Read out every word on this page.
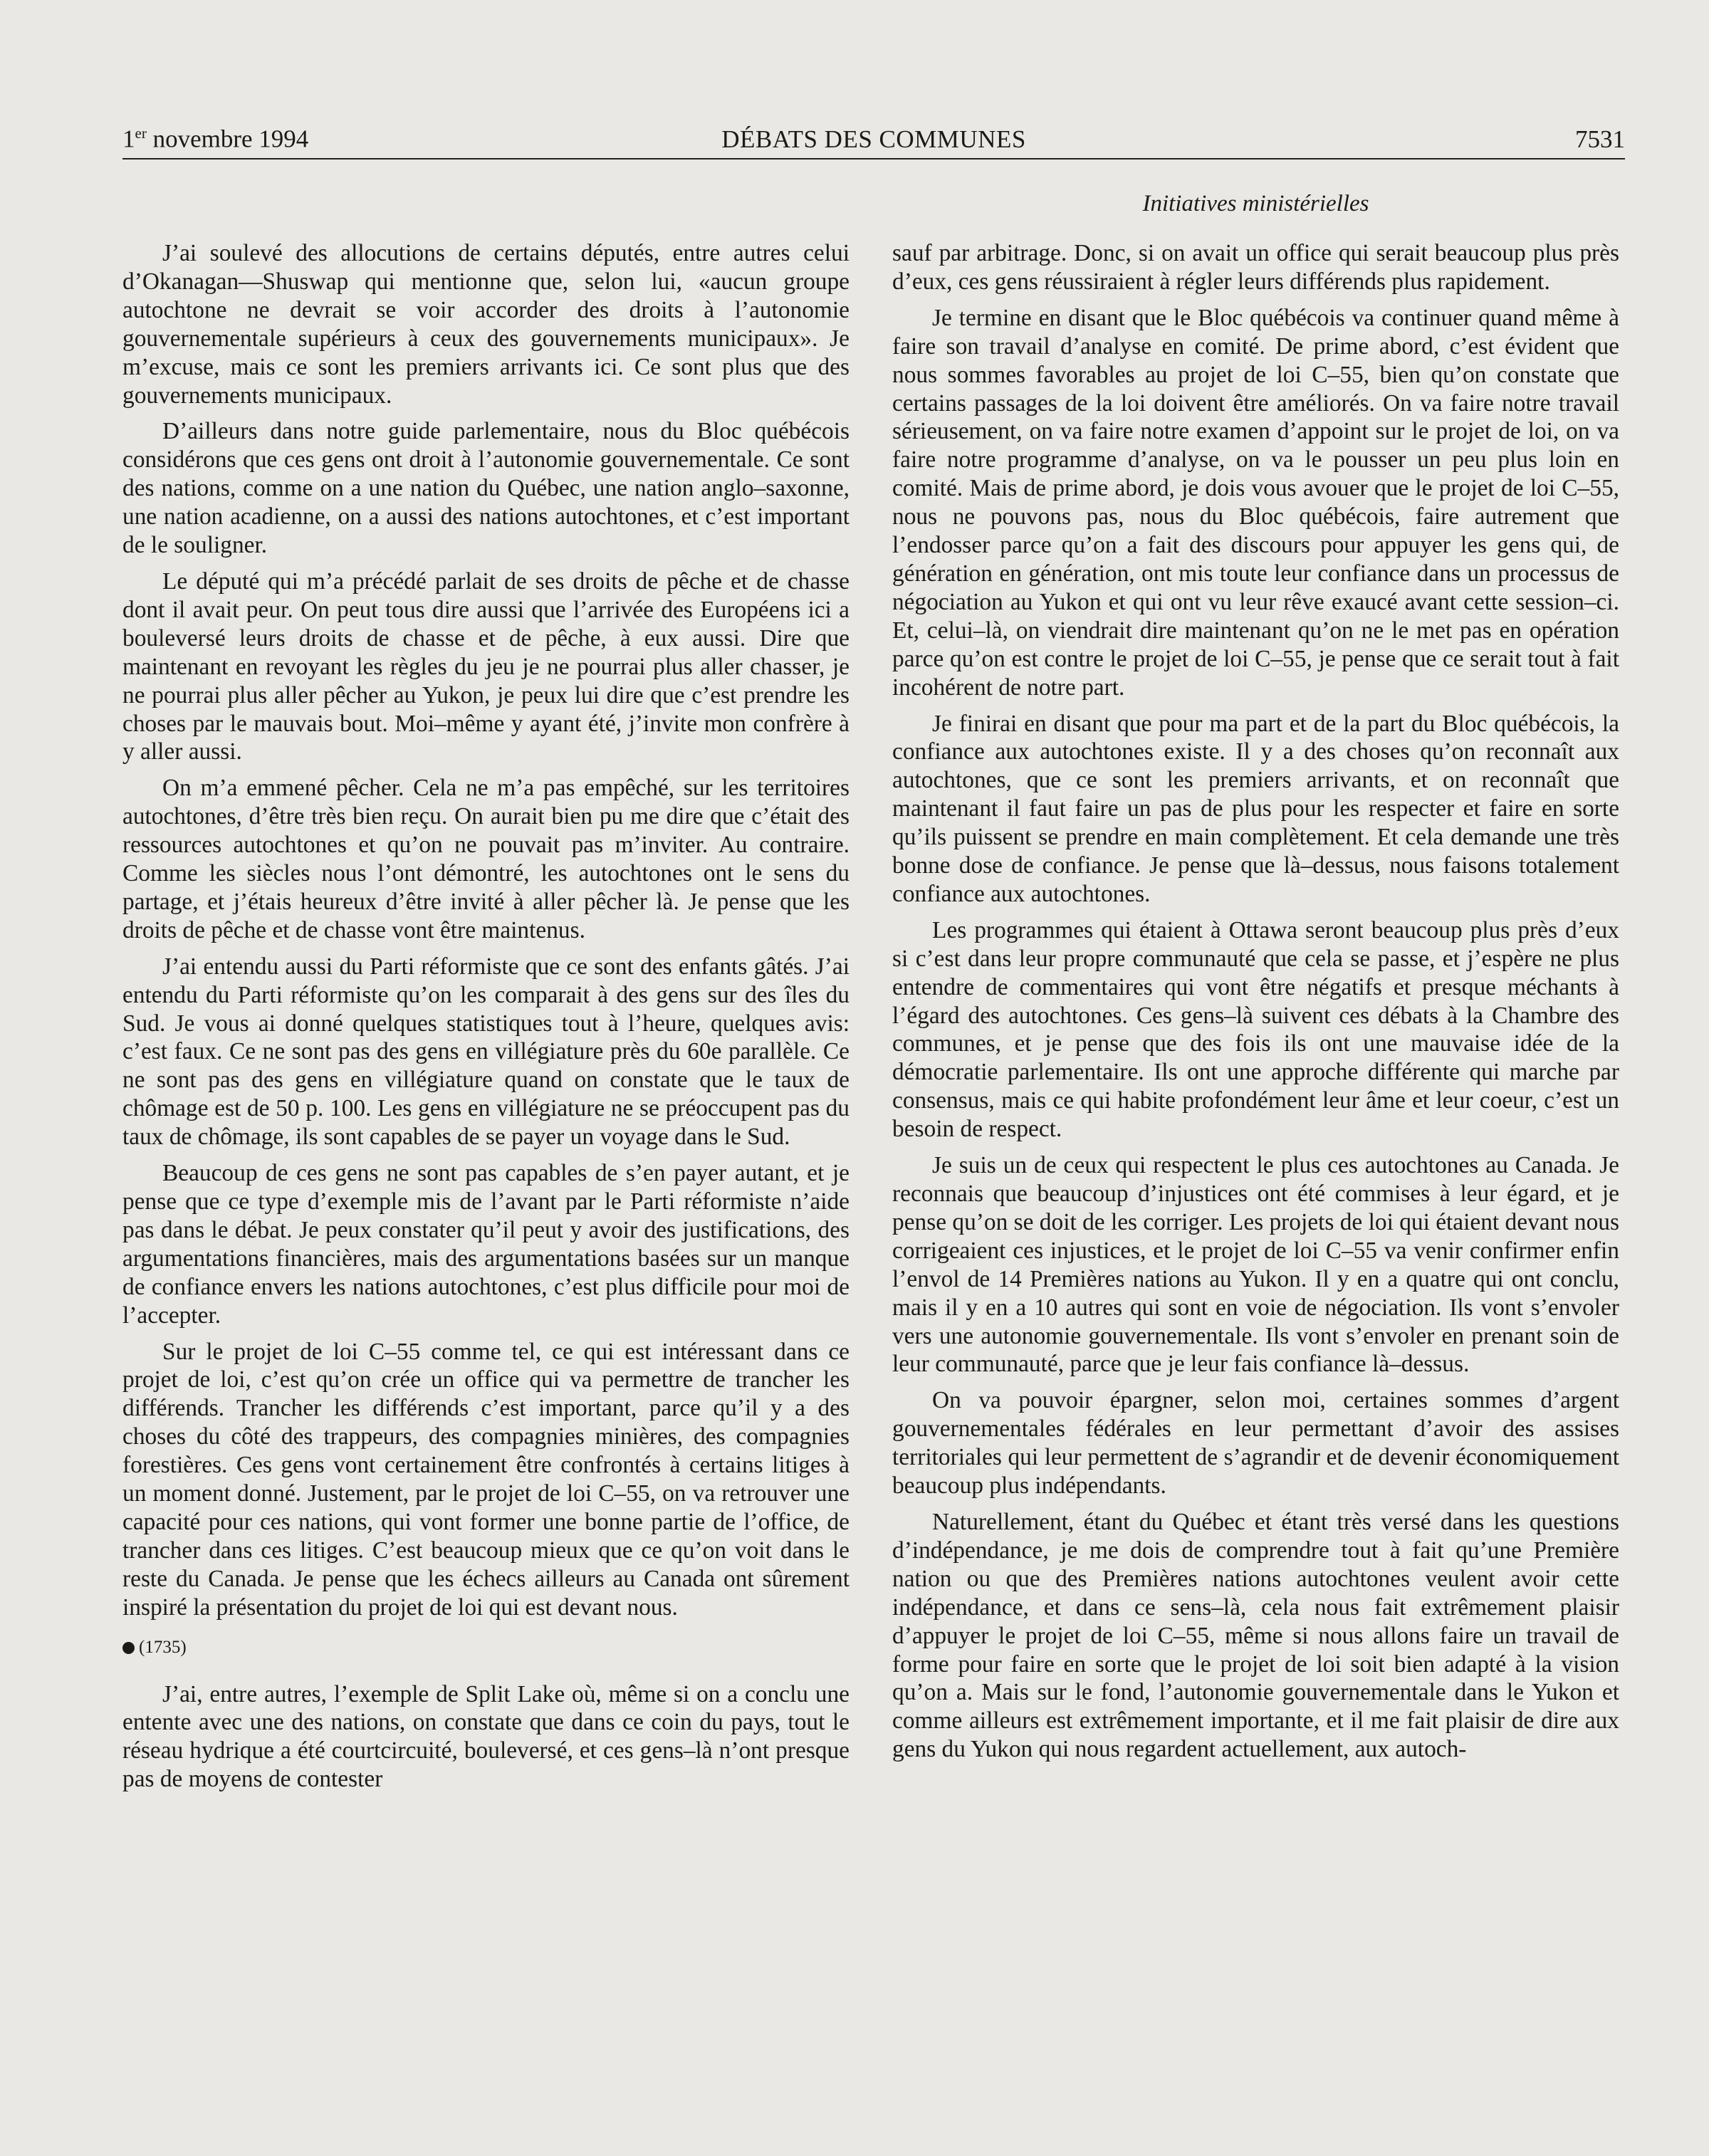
1er novembre 1994	DÉBATS DES COMMUNES	7531
Initiatives ministérielles

J’ai soulevé des allocutions de certains députés, entre autres celui d’Okanagan—Shuswap qui mentionne que, selon lui, «aucun groupe autochtone ne devrait se voir accorder des droits à l’autonomie gouvernementale supérieurs à ceux des gouvernements municipaux». Je m’excuse, mais ce sont les premiers arrivants ici. Ce sont plus que des gouvernements municipaux.

D’ailleurs dans notre guide parlementaire, nous du Bloc québécois considérons que ces gens ont droit à l’autonomie gouvernementale. Ce sont des nations, comme on a une nation du Québec, une nation anglo–saxonne, une nation acadienne, on a aussi des nations autochtones, et c’est important de le souligner.

Le député qui m’a précédé parlait de ses droits de pêche et de chasse dont il avait peur. On peut tous dire aussi que l’arrivée des Européens ici a bouleversé leurs droits de chasse et de pêche, à eux aussi. Dire que maintenant en revoyant les règles du jeu je ne pourrai plus aller chasser, je ne pourrai plus aller pêcher au Yukon, je peux lui dire que c’est prendre les choses par le mauvais bout. Moi–même y ayant été, j’invite mon confrère à y aller aussi.

On m’a emmené pêcher. Cela ne m’a pas empêché, sur les territoires autochtones, d’être très bien reçu. On aurait bien pu me dire que c’était des ressources autochtones et qu’on ne pouvait pas m’inviter. Au contraire. Comme les siècles nous l’ont démontré, les autochtones ont le sens du partage, et j’étais heureux d’être invité à aller pêcher là. Je pense que les droits de pêche et de chasse vont être maintenus.

J’ai entendu aussi du Parti réformiste que ce sont des enfants gâtés. J’ai entendu du Parti réformiste qu’on les comparait à des gens sur des îles du Sud. Je vous ai donné quelques statistiques tout à l’heure, quelques avis: c’est faux. Ce ne sont pas des gens en villégiature près du 60e parallèle. Ce ne sont pas des gens en villégiature quand on constate que le taux de chômage est de 50 p. 100. Les gens en villégiature ne se préoccupent pas du taux de chômage, ils sont capables de se payer un voyage dans le Sud.

Beaucoup de ces gens ne sont pas capables de s’en payer autant, et je pense que ce type d’exemple mis de l’avant par le Parti réformiste n’aide pas dans le débat. Je peux constater qu’il peut y avoir des justifications, des argumentations financières, mais des argumentations basées sur un manque de confiance envers les nations autochtones, c’est plus difficile pour moi de l’accepter.

Sur le projet de loi C–55 comme tel, ce qui est intéressant dans ce projet de loi, c’est qu’on crée un office qui va permettre de trancher les différends. Trancher les différends c’est important, parce qu’il y a des choses du côté des trappeurs, des compagnies minières, des compagnies forestières. Ces gens vont certainement être confrontés à certains litiges à un moment donné. Justement, par le projet de loi C–55, on va retrouver une capacité pour ces nations, qui vont former une bonne partie de l’office, de trancher dans ces litiges. C’est beaucoup mieux que ce qu’on voit dans le reste du Canada. Je pense que les échecs ailleurs au Canada ont sûrement inspiré la présentation du projet de loi qui est devant nous.

(1735)

J’ai, entre autres, l’exemple de Split Lake où, même si on a conclu une entente avec une des nations, on constate que dans ce coin du pays, tout le réseau hydrique a été courtcircuité, bouleversé, et ces gens–là n’ont presque pas de moyens de contester

sauf par arbitrage. Donc, si on avait un office qui serait beaucoup plus près d’eux, ces gens réussiraient à régler leurs différends plus rapidement.

Je termine en disant que le Bloc québécois va continuer quand même à faire son travail d’analyse en comité. De prime abord, c’est évident que nous sommes favorables au projet de loi C–55, bien qu’on constate que certains passages de la loi doivent être améliorés. On va faire notre travail sérieusement, on va faire notre examen d’appoint sur le projet de loi, on va faire notre programme d’analyse, on va le pousser un peu plus loin en comité. Mais de prime abord, je dois vous avouer que le projet de loi C–55, nous ne pouvons pas, nous du Bloc québécois, faire autrement que l’endosser parce qu’on a fait des discours pour appuyer les gens qui, de génération en génération, ont mis toute leur confiance dans un processus de négociation au Yukon et qui ont vu leur rêve exaucé avant cette session–ci. Et, celui–là, on viendrait dire maintenant qu’on ne le met pas en opération parce qu’on est contre le projet de loi C–55, je pense que ce serait tout à fait incohérent de notre part.

Je finirai en disant que pour ma part et de la part du Bloc québécois, la confiance aux autochtones existe. Il y a des choses qu’on reconnaît aux autochtones, que ce sont les premiers arrivants, et on reconnaît que maintenant il faut faire un pas de plus pour les respecter et faire en sorte qu’ils puissent se prendre en main complètement. Et cela demande une très bonne dose de confiance. Je pense que là–dessus, nous faisons totalement confiance aux autochtones.

Les programmes qui étaient à Ottawa seront beaucoup plus près d’eux si c’est dans leur propre communauté que cela se passe, et j’espère ne plus entendre de commentaires qui vont être négatifs et presque méchants à l’égard des autochtones. Ces gens–là suivent ces débats à la Chambre des communes, et je pense que des fois ils ont une mauvaise idée de la démocratie parlementaire. Ils ont une approche différente qui marche par consensus, mais ce qui habite profondément leur âme et leur coeur, c’est un besoin de respect.

Je suis un de ceux qui respectent le plus ces autochtones au Canada. Je reconnais que beaucoup d’injustices ont été commises à leur égard, et je pense qu’on se doit de les corriger. Les projets de loi qui étaient devant nous corrigeaient ces injustices, et le projet de loi C–55 va venir confirmer enfin l’envol de 14 Premières nations au Yukon. Il y en a quatre qui ont conclu, mais il y en a 10 autres qui sont en voie de négociation. Ils vont s’envoler vers une autonomie gouvernementale. Ils vont s’envoler en prenant soin de leur communauté, parce que je leur fais confiance là–dessus.

On va pouvoir épargner, selon moi, certaines sommes d’argent gouvernementales fédérales en leur permettant d’avoir des assises territoriales qui leur permettent de s’agrandir et de devenir économiquement beaucoup plus indépendants.

Naturellement, étant du Québec et étant très versé dans les questions d’indépendance, je me dois de comprendre tout à fait qu’une Première nation ou que des Premières nations autochtones veulent avoir cette indépendance, et dans ce sens–là, cela nous fait extrêmement plaisir d’appuyer le projet de loi C–55, même si nous allons faire un travail de forme pour faire en sorte que le projet de loi soit bien adapté à la vision qu’on a. Mais sur le fond, l’autonomie gouvernementale dans le Yukon et comme ailleurs est extrêmement importante, et il me fait plaisir de dire aux gens du Yukon qui nous regardent actuellement, aux autoch-
